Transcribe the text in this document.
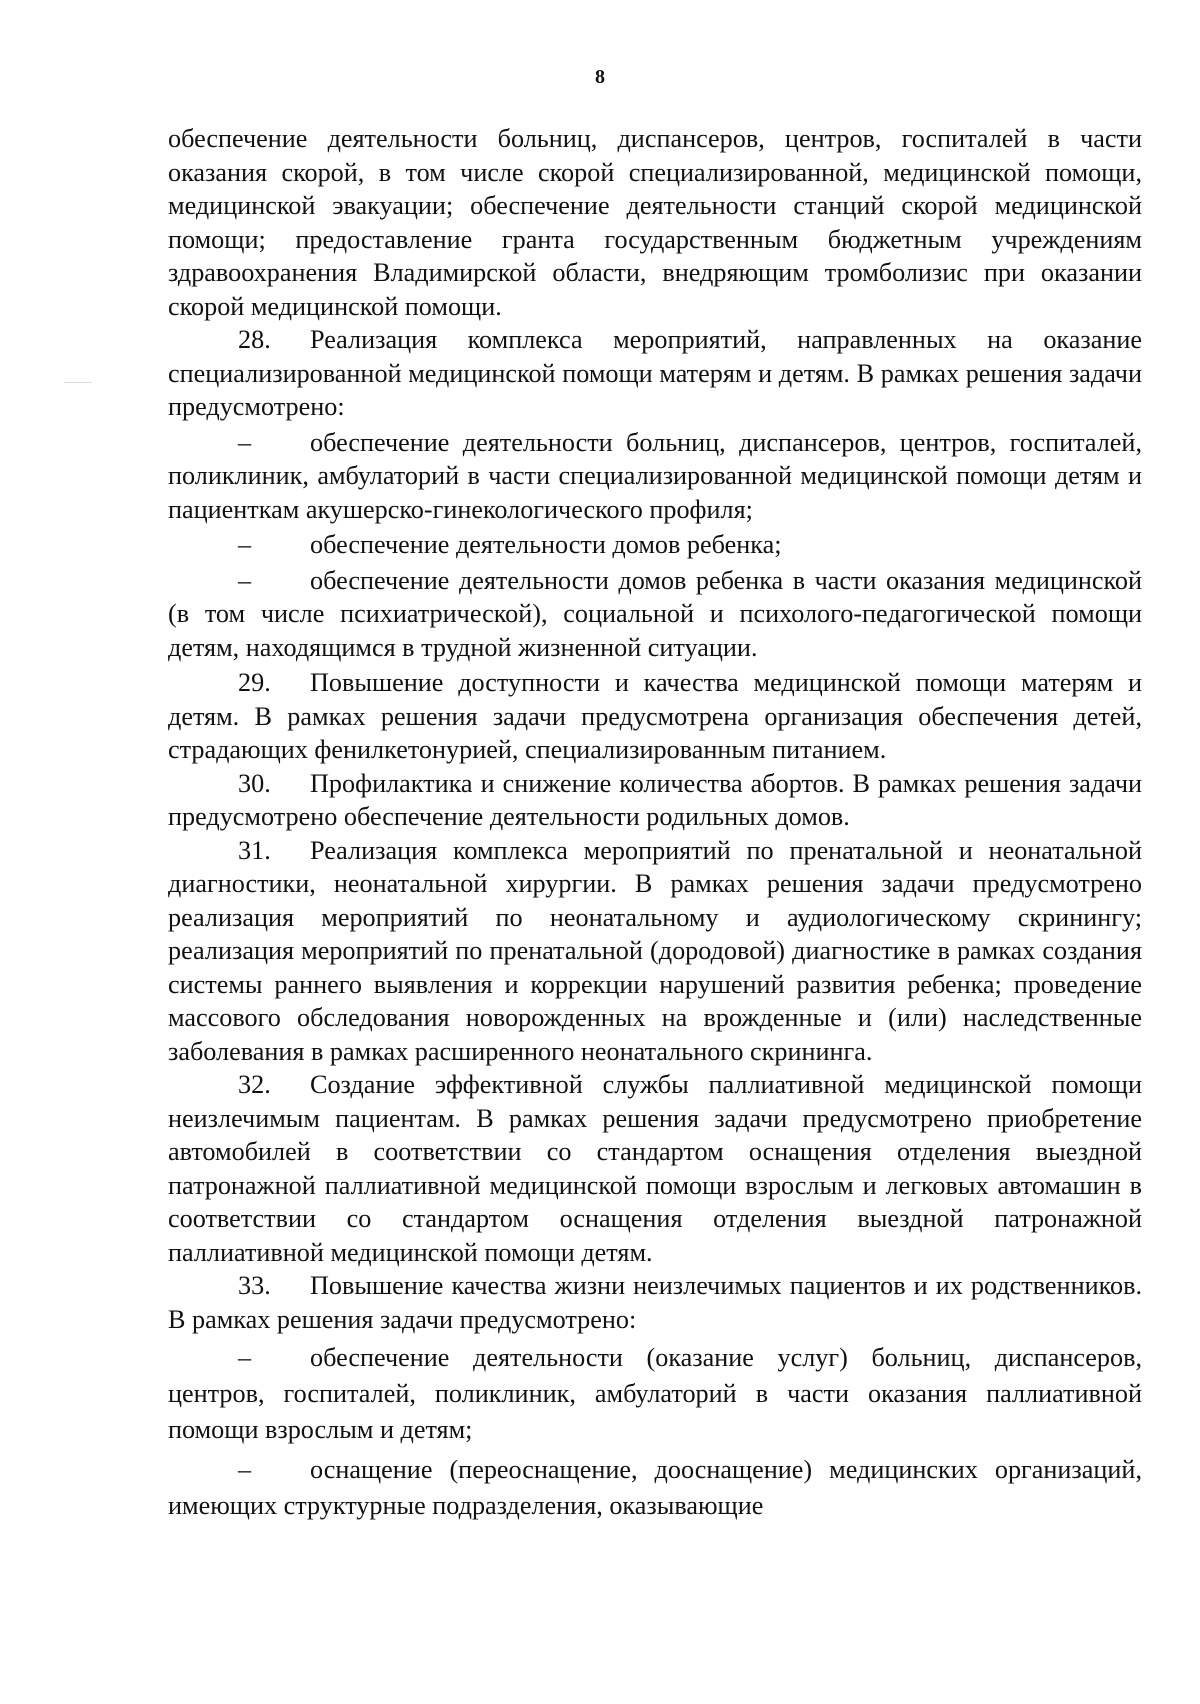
8

обеспечение деятельности больниц, диспансеров, центров, госпиталей в части оказания скорой, в том числе скорой специализированной, медицинской помощи, медицинской эвакуации; обеспечение деятельности станций скорой медицинской помощи; предоставление гранта государственным бюджетным учреждениям здравоохранения Владимирской области, внедряющим тромболизис при оказании скорой медицинской помощи.

28. Реализация комплекса мероприятий, направленных на оказание специализированной медицинской помощи матерям и детям. В рамках решения задачи предусмотрено:

– обеспечение деятельности больниц, диспансеров, центров, госпиталей, поликлиник, амбулаторий в части специализированной медицинской помощи детям и пациенткам акушерско-гинекологического профиля;

– обеспечение деятельности домов ребенка;

– обеспечение деятельности домов ребенка в части оказания медицинской (в том числе психиатрической), социальной и психолого-педагогической помощи детям, находящимся в трудной жизненной ситуации.

29. Повышение доступности и качества медицинской помощи матерям и детям. В рамках решения задачи предусмотрена организация обеспечения детей, страдающих фенилкетонурией, специализированным питанием.

30. Профилактика и снижение количества абортов. В рамках решения задачи предусмотрено обеспечение деятельности родильных домов.

31. Реализация комплекса мероприятий по пренатальной и неонатальной диагностики, неонатальной хирургии. В рамках решения задачи предусмотрено реализация мероприятий по неонатальному и аудиологическому скринингу; реализация мероприятий по пренатальной (дородовой) диагностике в рамках создания системы раннего выявления и коррекции нарушений развития ребенка; проведение массового обследования новорожденных на врожденные и (или) наследственные заболевания в рамках расширенного неонатального скрининга.

32. Создание эффективной службы паллиативной медицинской помощи неизлечимым пациентам. В рамках решения задачи предусмотрено приобретение автомобилей в соответствии со стандартом оснащения отделения выездной патронажной паллиативной медицинской помощи взрослым и легковых автомашин в соответствии со стандартом оснащения отделения выездной патронажной паллиативной медицинской помощи детям.

33. Повышение качества жизни неизлечимых пациентов и их родственников. В рамках решения задачи предусмотрено:

– обеспечение деятельности (оказание услуг) больниц, диспансеров, центров, госпиталей, поликлиник, амбулаторий в части оказания паллиативной помощи взрослым и детям;

– оснащение (переоснащение, дооснащение) медицинских организаций, имеющих структурные подразделения, оказывающие
